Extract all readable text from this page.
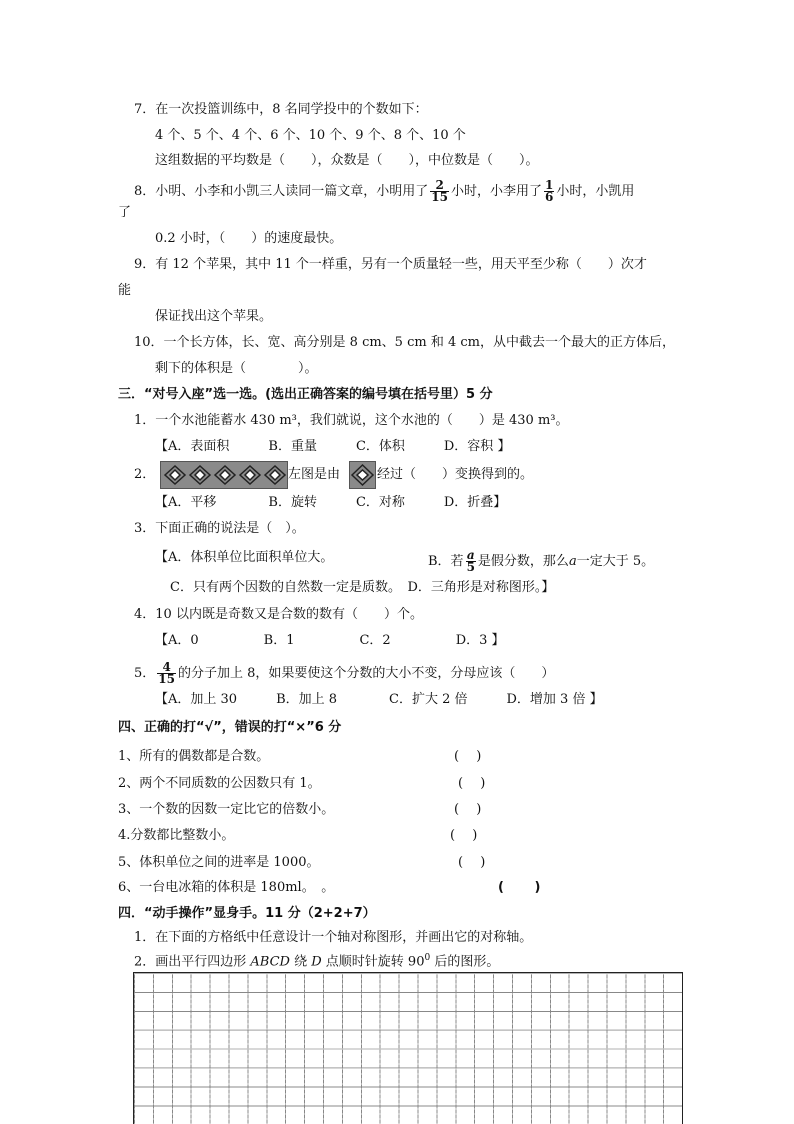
7．在一次投篮训练中，8 名同学投中的个数如下：
4 个、5 个、4 个、6 个、10 个、9 个、8 个、10 个
这组数据的平均数是（　　），众数是（　　），中位数是（　　）。
8．小明、小李和小凯三人读同一篇文章，小明用了 $\frac{2}{15}$ 小时，小李用了 $\frac{1}{6}$ 小时，小凯用
了
0.2 小时，（　　）的速度最快。
9．有 12 个苹果，其中 11 个一样重，另有一个质量轻一些，用天平至少称（　　）次才
能
保证找出这个苹果。
10．一个长方体，长、宽、高分别是 8 cm、5 cm 和 4 cm，从中截去一个最大的正方体后，
剩下的体积是（　　　　）。
三．“对号入座”选一选。(选出正确答案的编号填在括号里）5 分
1．一个水池能蓄水 430 m³，我们就说，这个水池的（　　）是 430 m³。
【A．表面积　　　B．重量　　　C．体积　　　D．容积 】
2．	左图是由	经过（　　）变换得到的。
【A．平移　　　　B．旋转　　　C．对称　　　D．折叠】
3．下面正确的说法是（　）。
【A．体积单位比面积单位大。	B．若 $\frac{a}{5}$ 是假分数，那么a一定大于 5。
C．只有两个因数的自然数一定是质数。　D．三角形是对称图形。】
4．10 以内既是奇数又是合数的数有（　　）个。
【A．0　　　　　B．1　　　　　C．2　　　　　D．3 】
5． $\frac{4}{15}$ 的分子加上 8，如果要使这个分数的大小不变，分母应该（　　）
【A．加上 30　　　B．加上 8　　　　C．扩大 2 倍　　　D．增加 3 倍 】
四、正确的打“√”，错误的打“×”6 分
1、所有的偶数都是合数。	(　 )
2、两个不同质数的公因数只有 1。	(　 )
3、一个数的因数一定比它的倍数小。	(　 )
4.分数都比整数小。	(　 )
5、体积单位之间的进率是 1000。	(　 )
6、一台电冰箱的体积是 180ml。　。	(　　 )
四．“动手操作”显身手。11 分（2+2+7）
1．在下面的方格纸中任意设计一个轴对称图形，并画出它的对称轴。
2．画出平行四边形 ABCD 绕 D 点顺时针旋转 $90^0$ 后的图形。
